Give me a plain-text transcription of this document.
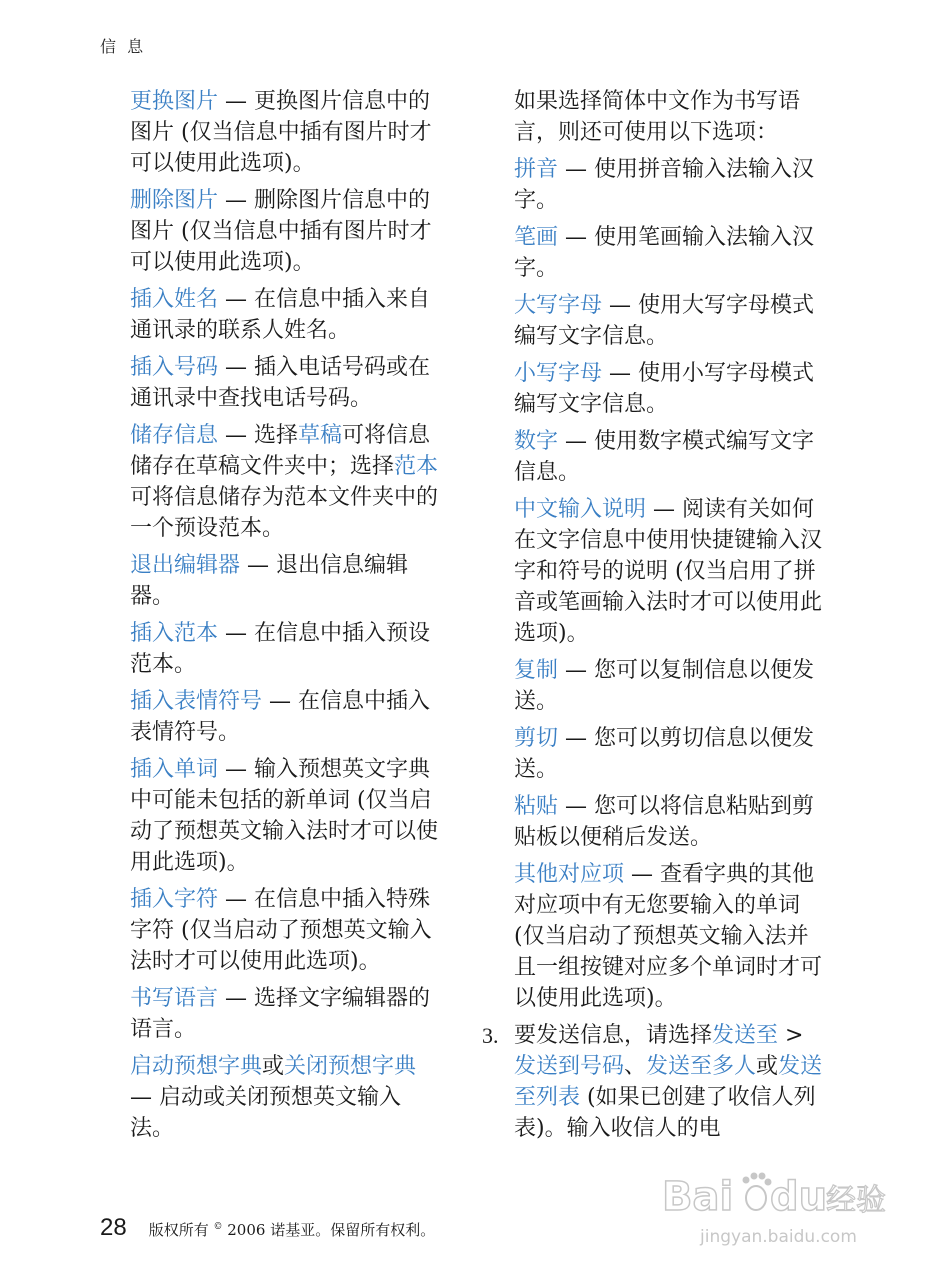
信 息
更换图片 — 更换图片信息中的图片 (仅当信息中插有图片时才可以使用此选项)。
删除图片 — 删除图片信息中的图片 (仅当信息中插有图片时才可以使用此选项)。
插入姓名 — 在信息中插入来自通讯录的联系人姓名。
插入号码 — 插入电话号码或在通讯录中查找电话号码。
储存信息 — 选择草稿可将信息储存在草稿文件夹中；选择范本可将信息储存为范本文件夹中的一个预设范本。
退出编辑器 — 退出信息编辑器。
插入范本 — 在信息中插入预设范本。
插入表情符号 — 在信息中插入表情符号。
插入单词 — 输入预想英文字典中可能未包括的新单词 (仅当启动了预想英文输入法时才可以使用此选项)。
插入字符 — 在信息中插入特殊字符 (仅当启动了预想英文输入法时才可以使用此选项)。
书写语言 — 选择文字编辑器的语言。
启动预想字典或关闭预想字典 — 启动或关闭预想英文输入法。
如果选择简体中文作为书写语言，则还可使用以下选项：
拼音 — 使用拼音输入法输入汉字。
笔画 — 使用笔画输入法输入汉字。
大写字母 — 使用大写字母模式编写文字信息。
小写字母 — 使用小写字母模式编写文字信息。
数字 — 使用数字模式编写文字信息。
中文输入说明 — 阅读有关如何在文字信息中使用快捷键输入汉字和符号的说明 (仅当启用了拼音或笔画输入法时才可以使用此选项)。
复制 — 您可以复制信息以便发送。
剪切 — 您可以剪切信息以便发送。
粘贴 — 您可以将信息粘贴到剪贴板以便稍后发送。
其他对应项 — 查看字典的其他对应项中有无您要输入的单词 (仅当启动了预想英文输入法并且一组按键对应多个单词时才可以使用此选项)。
3. 要发送信息，请选择发送至 > 发送到号码、发送至多人或发送至列表 (如果已创建了收信人列表)。输入收信人的电
28 版权所有 © 2006 诺基亚。保留所有权利。
Bai du
经验
jingyan.baidu.com
